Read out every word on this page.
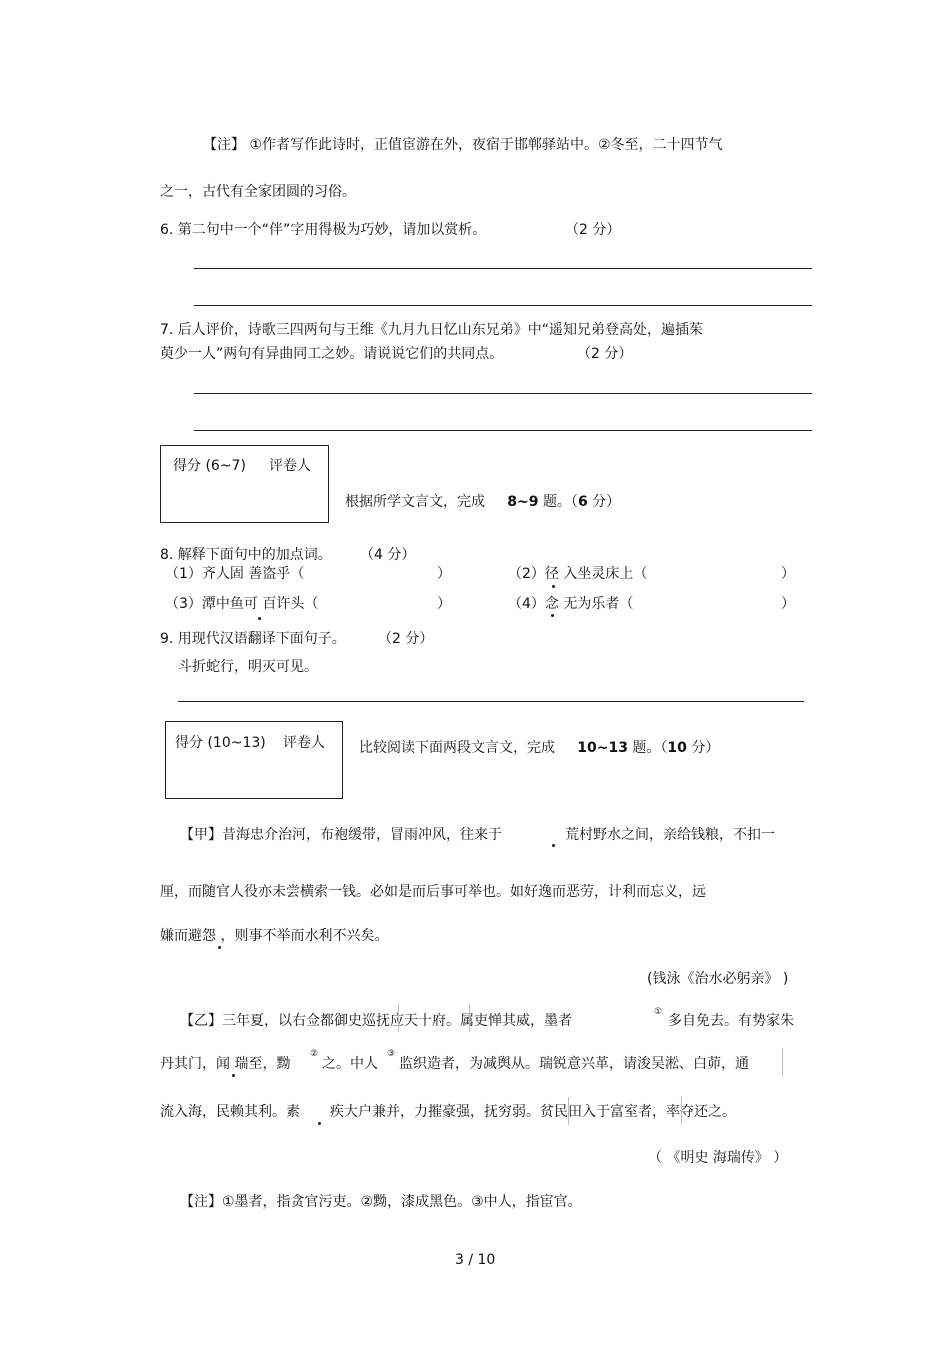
【注】 ①作者写作此诗时，正值宦游在外，夜宿于邯郸驿站中。②冬至，二十四节气
之一，古代有全家团圆的习俗。
6. 第二句中一个“伴”字用得极为巧妙，请加以赏析。	（2 分）
7. 后人评价，诗歌三四两句与王维《九月九日忆山东兄弟》中“遥知兄弟登高处，遍插茱
萸少一人”两句有异曲同工之妙。请说说它们的共同点。	（2 分）
得分 (6~7) 评卷人
根据所学文言文，完成 8~9 题。（6 分）
8. 解释下面句中的加点词。 （4 分）
（1）齐人固 善盗乎（	）	（2）径 入坐灵床上（	）
（3）潭中鱼可 百许头（	）	（4）念 无为乐者（	）
9. 用现代汉语翻译下面句子。 （2 分）
斗折蛇行，明灭可见。
得分 (10~13) 评卷人 比较阅读下面两段文言文，完成 10~13 题。（10 分）
【甲】昔海忠介治河，布袍缓带，冒雨冲风，往来于	荒村野水之间，亲给钱粮，不扣一
厘，而随官人役亦未尝横索一钱。必如是而后事可举也。如好逸而恶劳，计利而忘义，远
嫌而避怨 ，则事不举而水利不兴矣。
(钱泳《治水必躬亲》 )
【乙】三年夏，以右佥都御史巡抚应天十府。属吏惮其威，墨者
①
多自免去。有势家朱
丹其门，闻 瑞至，黝
②
之。中人
③
监织造者，为减舆从。瑞锐意兴革，请浚吴淞、白茆，通
流入海，民赖其利。素 疾大户兼并，力摧豪强，抚穷弱。贫民田入于富室者，率夺还之。
（ 《明史 海瑞传》 ）
【注】①墨者，指贪官污吏。②黝，漆成黑色。③中人，指宦官。
3 / 10
